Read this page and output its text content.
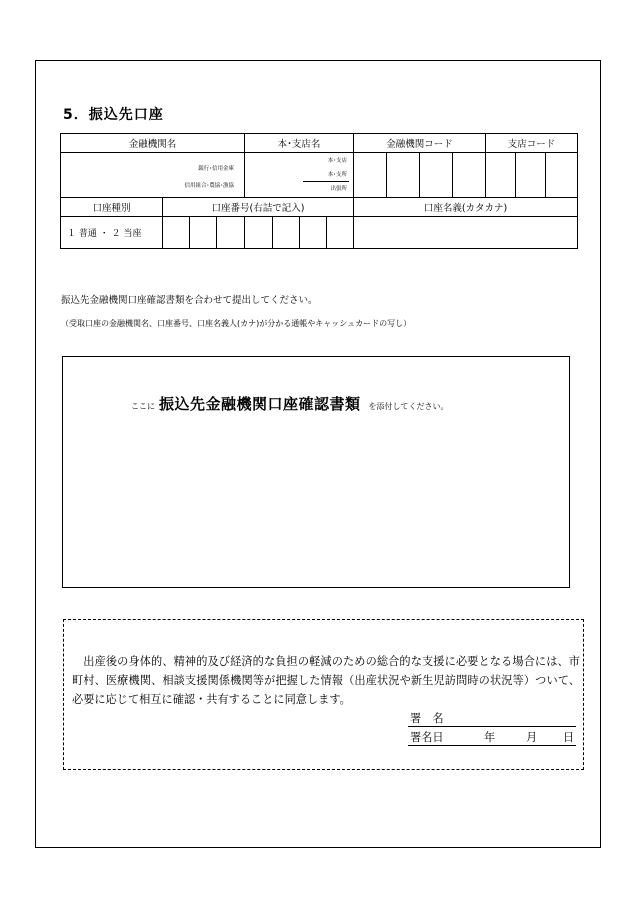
5．振込先口座
金融機関名				本･支店名				金融機関コード				支店コード		

銀行･信用金庫
信用組合･農協･漁協				本･支店
本･支所
出張所										

口座種別	口座番号(右詰で記入)							口座名義(カタカナ)						
１ 普通 ・ ２ 当座														
振込先金融機関口座確認書類を合わせて提出してください。
（受取口座の金融機関名、口座番号、口座名義人(カナ)が分かる通帳やキャッシュカードの写し）
ここに 振込先金融機関口座確認書類 を添付してください。
　出産後の身体的、精神的及び経済的な負担の軽減のための総合的な支援に必要となる場合には、市町村、医療機関、相談支援関係機関等が把握した情報（出産状況や新生児訪問時の状況等）ついて、必要に応じて相互に確認・共有することに同意します。
署　名
署名日	年	月 日
